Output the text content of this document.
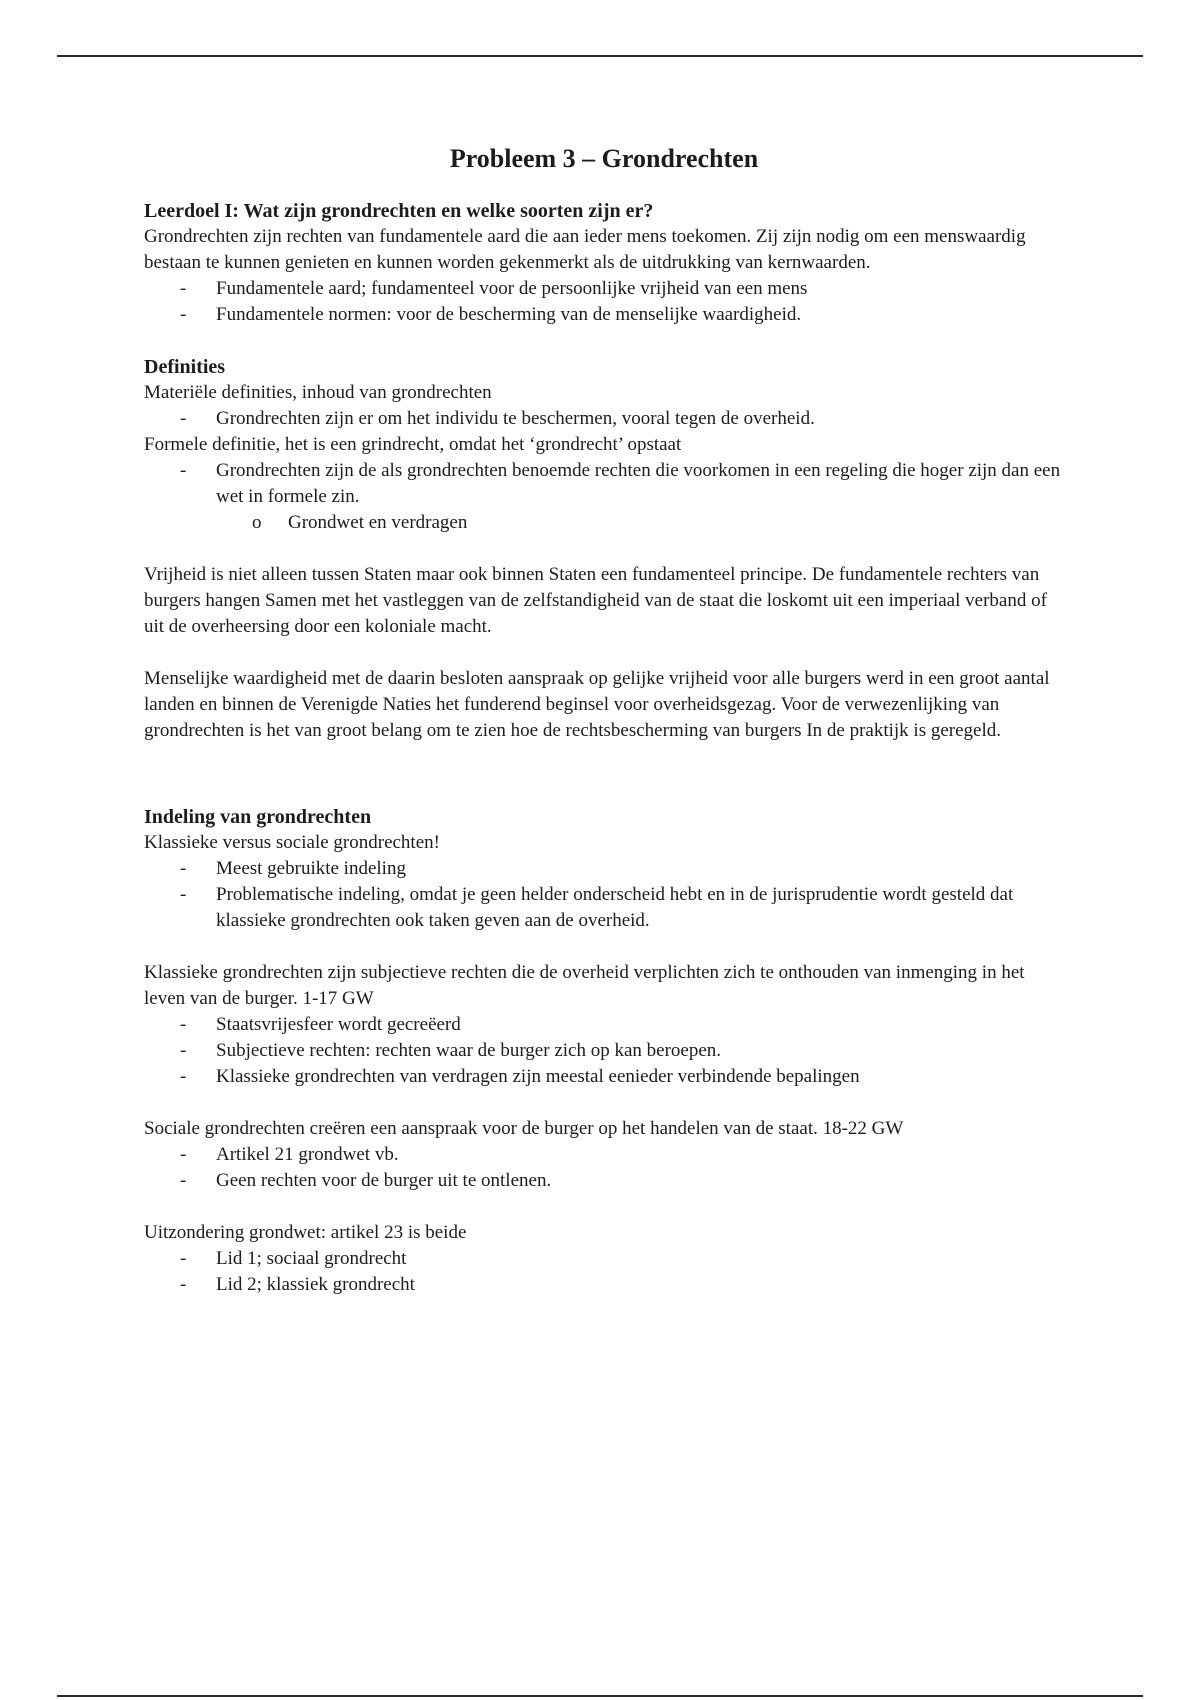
Probleem 3 – Grondrechten

Leerdoel I: Wat zijn grondrechten en welke soorten zijn er?

Grondrechten zijn rechten van fundamentele aard die aan ieder mens toekomen. Zij zijn nodig om een menswaardig bestaan te kunnen genieten en kunnen worden gekenmerkt als de uitdrukking van kernwaarden.

- Fundamentele aard; fundamenteel voor de persoonlijke vrijheid van een mens
- Fundamentele normen: voor de bescherming van de menselijke waardigheid.

Definities

Materiële definities, inhoud van grondrechten

- Grondrechten zijn er om het individu te beschermen, vooral tegen de overheid.

Formele definitie, het is een grindrecht, omdat het ‘grondrecht’ opstaat

- Grondrechten zijn de als grondrechten benoemde rechten die voorkomen in een regeling die hoger zijn dan een wet in formele zin.
o Grondwet en verdragen

Vrijheid is niet alleen tussen Staten maar ook binnen Staten een fundamenteel principe. De fundamentele rechters van burgers hangen Samen met het vastleggen van de zelfstandigheid van de staat die loskomt uit een imperiaal verband of uit de overheersing door een koloniale macht.

Menselijke waardigheid met de daarin besloten aanspraak op gelijke vrijheid voor alle burgers werd in een groot aantal landen en binnen de Verenigde Naties het funderend beginsel voor overheidsgezag. Voor de verwezenlijking van grondrechten is het van groot belang om te zien hoe de rechtsbescherming van burgers In de praktijk is geregeld.

Indeling van grondrechten

Klassieke versus sociale grondrechten!

- Meest gebruikte indeling
- Problematische indeling, omdat je geen helder onderscheid hebt en in de jurisprudentie wordt gesteld dat klassieke grondrechten ook taken geven aan de overheid.

Klassieke grondrechten zijn subjectieve rechten die de overheid verplichten zich te onthouden van inmenging in het leven van de burger. 1-17 GW

- Staatsvrijesfeer wordt gecreëerd
- Subjectieve rechten: rechten waar de burger zich op kan beroepen.
- Klassieke grondrechten van verdragen zijn meestal eenieder verbindende bepalingen

Sociale grondrechten creëren een aanspraak voor de burger op het handelen van de staat. 18-22 GW

- Artikel 21 grondwet vb.
- Geen rechten voor de burger uit te ontlenen.

Uitzondering grondwet: artikel 23 is beide

- Lid 1; sociaal grondrecht
- Lid 2; klassiek grondrecht
